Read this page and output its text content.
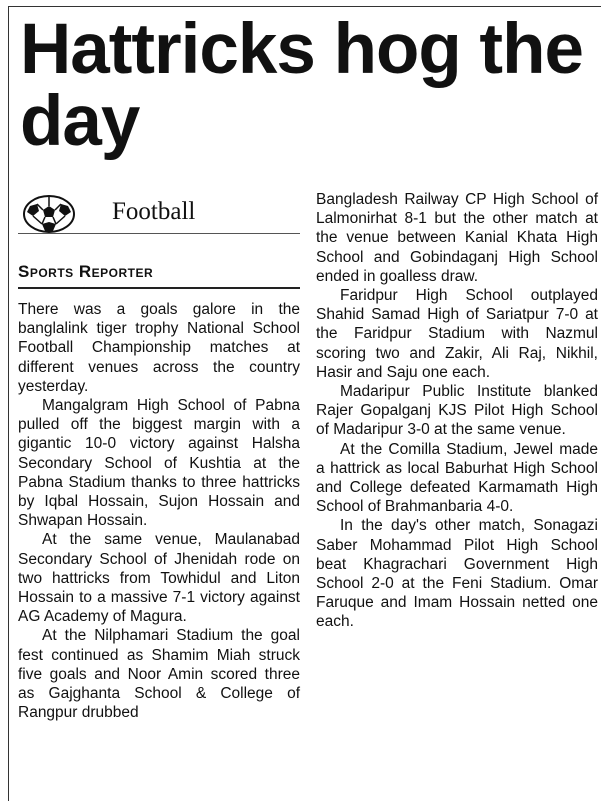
Hattricks hog the day
Football
Sports Reporter

There was a goals galore in the banglalink tiger trophy National School Football Championship matches at different venues across the country yesterday.

Mangalgram High School of Pabna pulled off the biggest margin with a gigantic 10-0 victory against Halsha Secondary School of Kushtia at the Pabna Stadium thanks to three hattricks by Iqbal Hossain, Sujon Hossain and Shwapan Hossain.

At the same venue, Maulanabad Secondary School of Jhenidah rode on two hattricks from Towhidul and Liton Hossain to a massive 7-1 victory against AG Academy of Magura.

At the Nilphamari Stadium the goal fest continued as Shamim Miah struck five goals and Noor Amin scored three as Gajghanta School & College of Rangpur drubbed

Bangladesh Railway CP High School of Lalmonirhat 8-1 but the other match at the venue between Kanial Khata High School and Gobindaganj High School ended in goalless draw.

Faridpur High School outplayed Shahid Samad High of Sariatpur 7-0 at the Faridpur Stadium with Nazmul scoring two and Zakir, Ali Raj, Nikhil, Hasir and Saju one each.

Madaripur Public Institute blanked Rajer Gopalganj KJS Pilot High School of Madaripur 3-0 at the same venue.

At the Comilla Stadium, Jewel made a hattrick as local Baburhat High School and College defeated Karmamath High School of Brahmanbaria 4-0.

In the day's other match, Sonagazi Saber Mohammad Pilot High School beat Khagrachari Government High School 2-0 at the Feni Stadium. Omar Faruque and Imam Hossain netted one each.
